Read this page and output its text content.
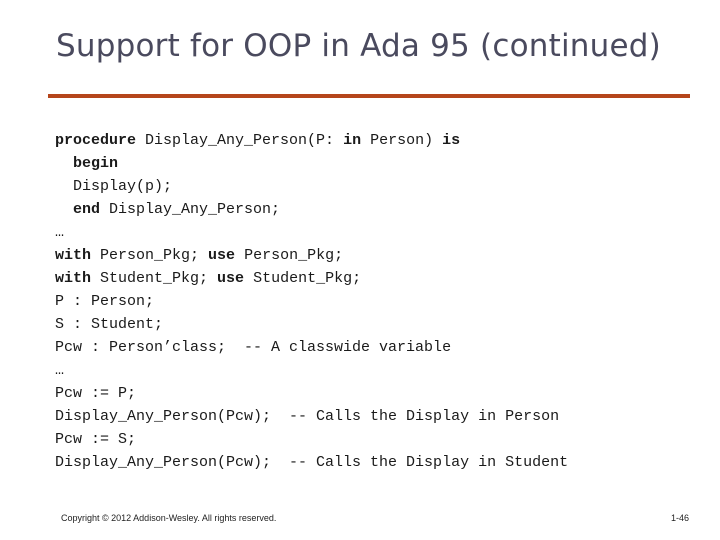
Support for OOP in Ada 95 (continued)
procedure Display_Any_Person(P: in Person) is
begin
Display(p);
end Display_Any_Person;
…
with Person_Pkg; use Person_Pkg;
with Student_Pkg; use Student_Pkg;
P : Person;
S : Student;
Pcw : Person’class;  -- A classwide variable
…
Pcw := P;
Display_Any_Person(Pcw);  -- Calls the Display in Person
Pcw := S;
Display_Any_Person(Pcw);  -- Calls the Display in Student
Copyright © 2012 Addison-Wesley. All rights reserved.	1-46
